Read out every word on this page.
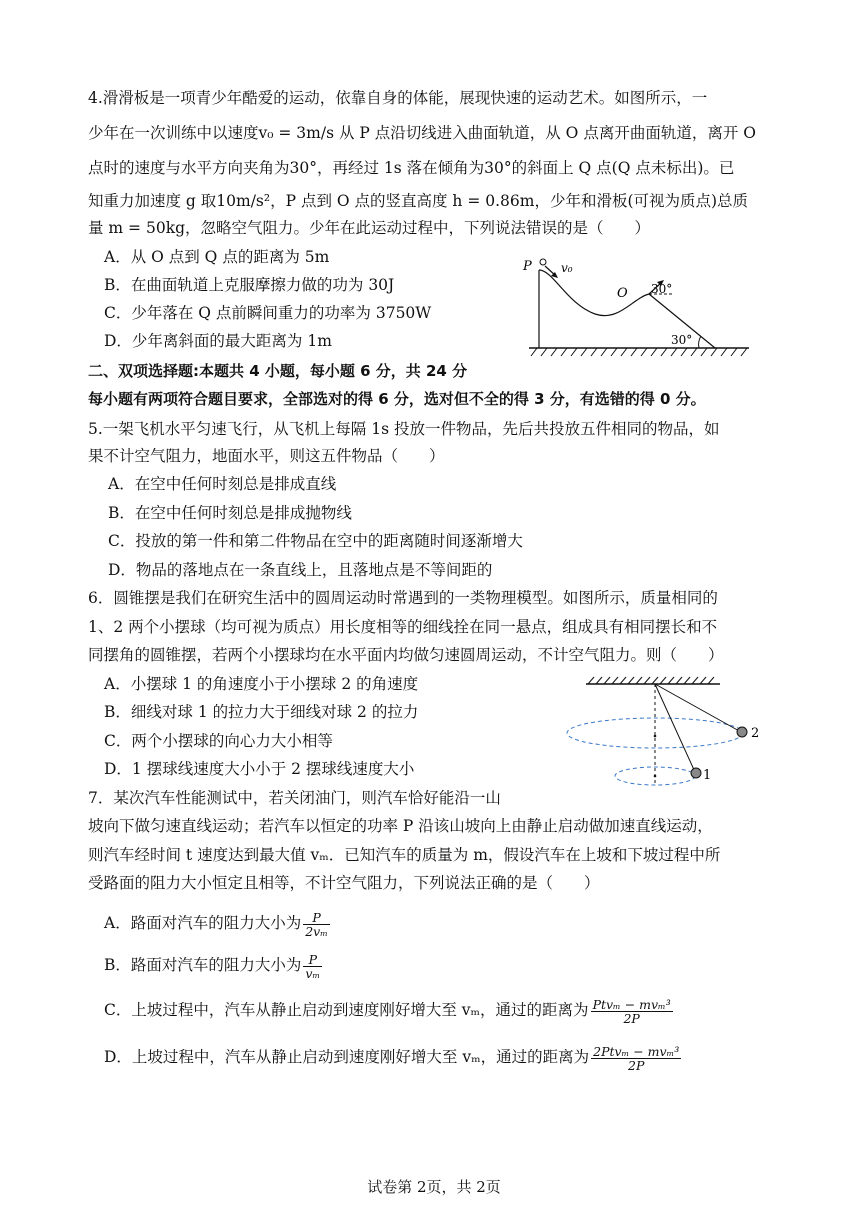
4.滑滑板是一项青少年酷爱的运动，依靠自身的体能，展现快速的运动艺术。如图所示，一
少年在一次训练中以速度v₀ = 3m/s 从 P 点沿切线进入曲面轨道，从 O 点离开曲面轨道，离开 O
点时的速度与水平方向夹角为30°，再经过 1s 落在倾角为30°的斜面上 Q 点(Q 点未标出)。已
知重力加速度 g 取10m/s²，P 点到 O 点的竖直高度 h = 0.86m，少年和滑板(可视为质点)总质
量 m = 50kg，忽略空气阻力。少年在此运动过程中，下列说法错误的是（　　）
A．从 O 点到 Q 点的距离为 5m
B．在曲面轨道上克服摩擦力做的功为 30J
C．少年落在 Q 点前瞬间重力的功率为 3750W
D．少年离斜面的最大距离为 1m
P v₀
O 30°
30°
二、双项选择题:本题共 4 小题，每小题 6 分，共 24 分
每小题有两项符合题目要求，全部选对的得 6 分，选对但不全的得 3 分，有选错的得 0 分。
5.一架飞机水平匀速飞行，从飞机上每隔 1s 投放一件物品，先后共投放五件相同的物品，如
果不计空气阻力，地面水平，则这五件物品（　　）
A．在空中任何时刻总是排成直线
B．在空中任何时刻总是排成抛物线
C．投放的第一件和第二件物品在空中的距离随时间逐渐增大
D．物品的落地点在一条直线上，且落地点是不等间距的
6．圆锥摆是我们在研究生活中的圆周运动时常遇到的一类物理模型。如图所示，质量相同的
1、2 两个小摆球（均可视为质点）用长度相等的细线拴在同一悬点，组成具有相同摆长和不
同摆角的圆锥摆，若两个小摆球均在水平面内均做匀速圆周运动，不计空气阻力。则（　　）
A．小摆球 1 的角速度小于小摆球 2 的角速度
B．细线对球 1 的拉力大于细线对球 2 的拉力
C．两个小摆球的向心力大小相等
D．1 摆球线速度大小小于 2 摆球线速度大小
2
1
7．某次汽车性能测试中，若关闭油门，则汽车恰好能沿一山
坡向下做匀速直线运动；若汽车以恒定的功率 P 沿该山坡向上由静止启动做加速直线运动，
则汽车经时间 t 速度达到最大值 vₘ．已知汽车的质量为 m，假设汽车在上坡和下坡过程中所
受路面的阻力大小恒定且相等，不计空气阻力，下列说法正确的是（　　）
A．路面对汽车的阻力大小为 $\frac{P}{\text{2vₘ}}$
B．路面对汽车的阻力大小为 $\frac{P}{\text{vₘ}}$
C．上坡过程中，汽车从静止启动到速度刚好增大至 vₘ，通过的距离为 $\frac{\text{Ptvₘ − mvₘ³}}{2P}$
D．上坡过程中，汽车从静止启动到速度刚好增大至 vₘ，通过的距离为 $\frac{\text{2Ptvₘ − mvₘ³}}{2P}$
试卷第 2页，共 2页
